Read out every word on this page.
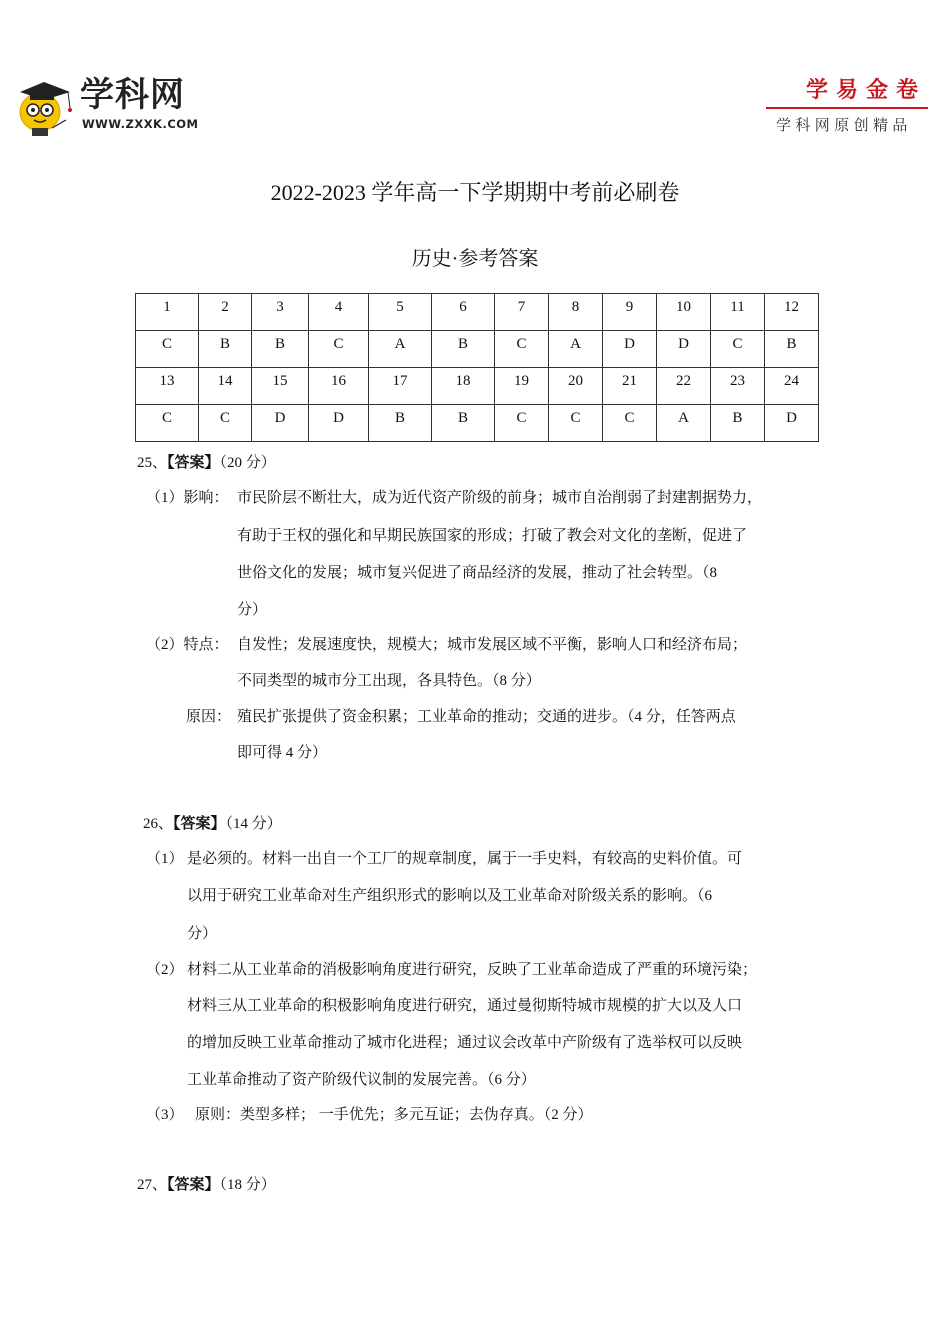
学科网
WWW.ZXXK.COM
学易金卷
学科网原创精品
2022-2023 学年高一下学期期中考前必刷卷
历史·参考答案
1	2	3	4	5	6	7	8	9	10	11	12
C	B	B	C	A	B	C	A	D	D	C	B
13	14	15	16	17	18	19	20	21	22	23	24
C	C	D	D	B	B	C	C	C	A	B	D
25、【答案】（20 分）
（1）影响： 市民阶层不断壮大，成为近代资产阶级的前身；城市自治削弱了封建割据势力，
有助于王权的强化和早期民族国家的形成；打破了教会对文化的垄断，促进了
世俗文化的发展；城市复兴促进了商品经济的发展，推动了社会转型。（8
分）
（2）特点： 自发性；发展速度快，规模大；城市发展区域不平衡，影响人口和经济布局；
不同类型的城市分工出现，各具特色。（8 分）
原因： 殖民扩张提供了资金积累；工业革命的推动；交通的进步。（4 分，任答两点
即可得 4 分）
26、【答案】（14 分）
（1） 是必须的。材料一出自一个工厂的规章制度，属于一手史料，有较高的史料价值。可
以用于研究工业革命对生产组织形式的影响以及工业革命对阶级关系的影响。（6
分）
（2） 材料二从工业革命的消极影响角度进行研究，反映了工业革命造成了严重的环境污染；
材料三从工业革命的积极影响角度进行研究，通过曼彻斯特城市规模的扩大以及人口
的增加反映工业革命推动了城市化进程；通过议会改革中产阶级有了选举权可以反映
工业革命推动了资产阶级代议制的发展完善。（6 分）
（3） 原则：类型多样； 一手优先；多元互证；去伪存真。（2 分）
27、【答案】（18 分）
